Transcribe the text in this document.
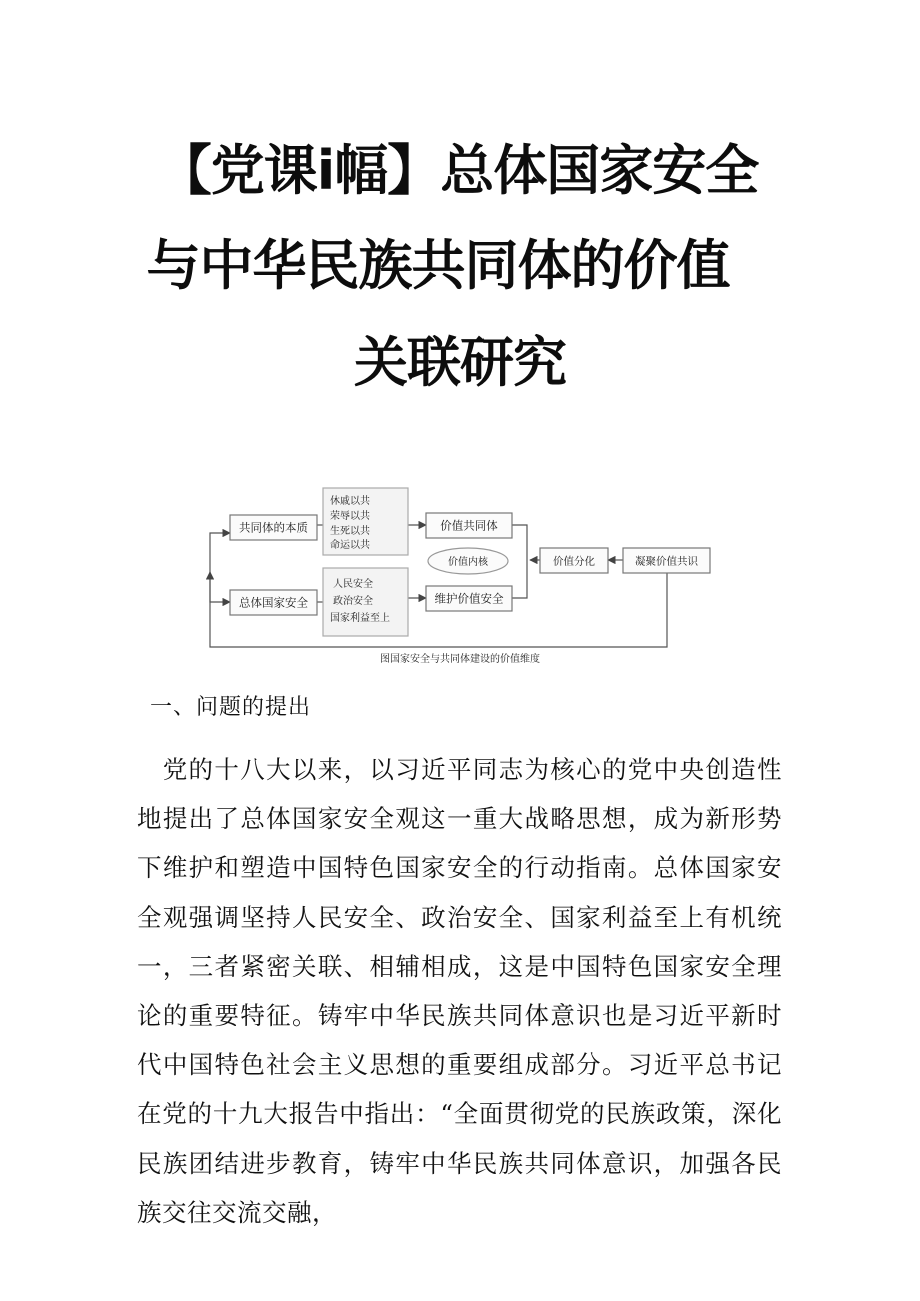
【党课i幅】总体国家安全
与中华民族共同体的价值
关联研究
共同体的本质
总体国家安全
休戚以共
荣辱以共
生死以共
命运以共
人民安全
政治安全
国家利益至上
价值共同体
价值内核
维护价值安全
价值分化	凝聚价值共识
图国家安全与共同体建设的价值维度
一、问题的提出

党的十八大以来，以习近平同志为核心的党中央创造性地提出了总体国家安全观这一重大战略思想，成为新形势下维护和塑造中国特色国家安全的行动指南。总体国家安全观强调坚持人民安全、政治安全、国家利益至上有机统一，三者紧密关联、相辅相成，这是中国特色国家安全理论的重要特征。铸牢中华民族共同体意识也是习近平新时代中国特色社会主义思想的重要组成部分。习近平总书记在党的十九大报告中指出：“全面贯彻党的民族政策，深化民族团结进步教育，铸牢中华民族共同体意识，加强各民族交往交流交融，
